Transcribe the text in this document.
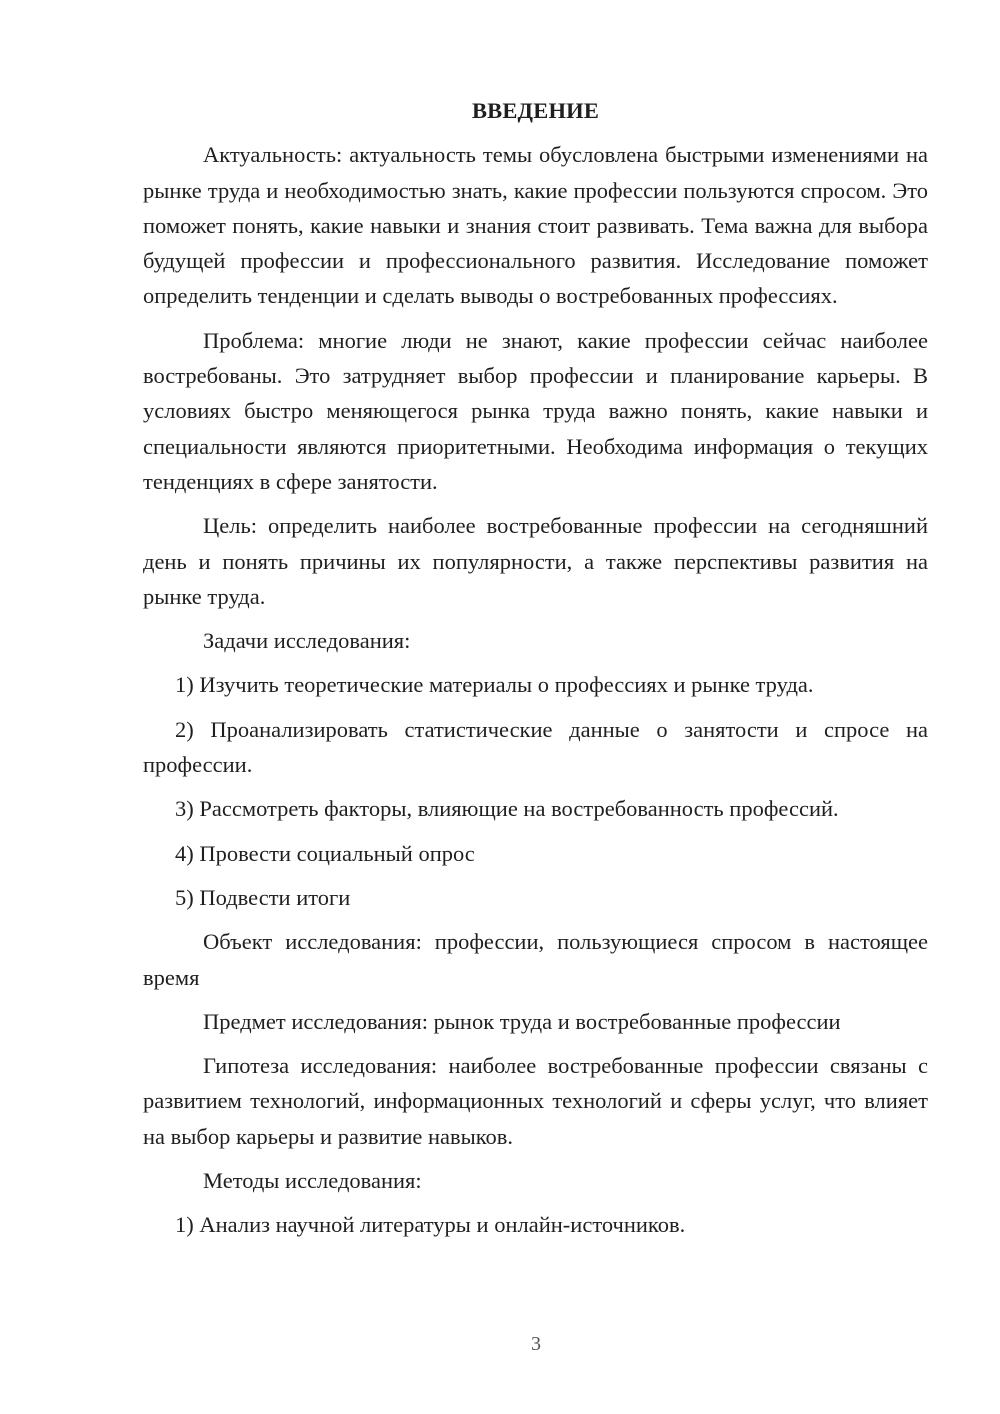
ВВЕДЕНИЕ

Актуальность: актуальность темы обусловлена быстрыми изменениями на рынке труда и необходимостью знать, какие профессии пользуются спросом. Это поможет понять, какие навыки и знания стоит развивать. Тема важна для выбора будущей профессии и профессионального развития. Исследование поможет определить тенденции и сделать выводы о востребованных профессиях.

Проблема: многие люди не знают, какие профессии сейчас наиболее востребованы. Это затрудняет выбор профессии и планирование карьеры. В условиях быстро меняющегося рынка труда важно понять, какие навыки и специальности являются приоритетными. Необходима информация о текущих тенденциях в сфере занятости.

Цель: определить наиболее востребованные профессии на сегодняшний день и понять причины их популярности, а также перспективы развития на рынке труда.

Задачи исследования:

1) Изучить теоретические материалы о профессиях и рынке труда.

2) Проанализировать статистические данные о занятости и спросе на профессии.

3) Рассмотреть факторы, влияющие на востребованность профессий.

4) Провести социальный опрос

5) Подвести итоги

Объект исследования: профессии, пользующиеся спросом в настоящее время

Предмет исследования: рынок труда и востребованные профессии

Гипотеза исследования: наиболее востребованные профессии связаны с развитием технологий, информационных технологий и сферы услуг, что влияет на выбор карьеры и развитие навыков.

Методы исследования:

1) Анализ научной литературы и онлайн-источников.

3
